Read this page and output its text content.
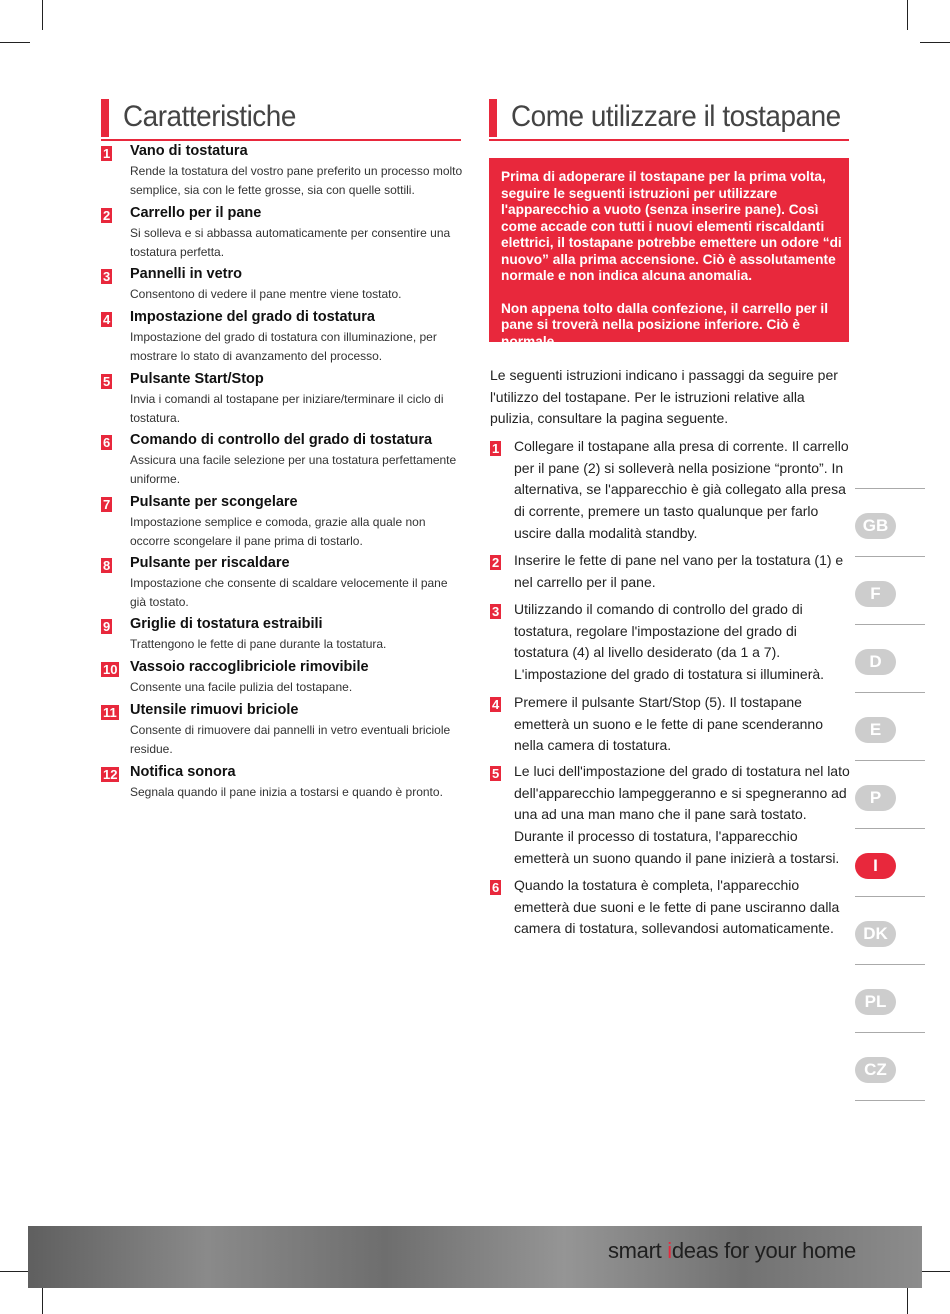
Caratteristiche
1 Vano di tostatura
Rende la tostatura del vostro pane preferito un processo molto semplice, sia con le fette grosse, sia con quelle sottili.
2 Carrello per il pane
Si solleva e si abbassa automaticamente per consentire una tostatura perfetta.
3 Pannelli in vetro
Consentono di vedere il pane mentre viene tostato.
4 Impostazione del grado di tostatura
Impostazione del grado di tostatura con illuminazione, per mostrare lo stato di avanzamento del processo.
5 Pulsante Start/Stop
Invia i comandi al tostapane per iniziare/terminare il ciclo di tostatura.
6 Comando di controllo del grado di tostatura
Assicura una facile selezione per una tostatura perfettamente uniforme.
7 Pulsante per scongelare
Impostazione semplice e comoda, grazie alla quale non occorre scongelare il pane prima di tostarlo.
8 Pulsante per riscaldare
Impostazione che consente di scaldare velocemente il pane già tostato.
9 Griglie di tostatura estraibili
Trattengono le fette di pane durante la tostatura.
10 Vassoio raccoglibriciole rimovibile
Consente una facile pulizia del tostapane.
11 Utensile rimuovi briciole
Consente di rimuovere dai pannelli in vetro eventuali briciole residue.
12 Notifica sonora
Segnala quando il pane inizia a tostarsi e quando è pronto.
Come utilizzare il tostapane

Prima di adoperare il tostapane per la prima volta, seguire le seguenti istruzioni per utilizzare l'apparecchio a vuoto (senza inserire pane). Così come accade con tutti i nuovi elementi riscaldanti elettrici, il tostapane potrebbe emettere un odore “di nuovo” alla prima accensione. Ciò è assolutamente normale e non indica alcuna anomalia.

Non appena tolto dalla confezione, il carrello per il pane si troverà nella posizione inferiore. Ciò è normale.

Le seguenti istruzioni indicano i passaggi da seguire per l'utilizzo del tostapane. Per le istruzioni relative alla pulizia, consultare la pagina seguente.
1 Collegare il tostapane alla presa di corrente. Il carrello per il pane (2) si solleverà nella posizione “pronto”. In alternativa, se l'apparecchio è già collegato alla presa di corrente, premere un tasto qualunque per farlo uscire dalla modalità standby.
2 Inserire le fette di pane nel vano per la tostatura (1) e nel carrello per il pane.
3 Utilizzando il comando di controllo del grado di tostatura, regolare l'impostazione del grado di tostatura (4) al livello desiderato (da 1 a 7). L'impostazione del grado di tostatura si illuminerà.
4 Premere il pulsante Start/Stop (5). Il tostapane emetterà un suono e le fette di pane scenderanno nella camera di tostatura.
5 Le luci dell'impostazione del grado di tostatura nel lato dell'apparecchio lampeggeranno e si spegneranno ad una ad una man mano che il pane sarà tostato. Durante il processo di tostatura, l'apparecchio emetterà un suono quando il pane inizierà a tostarsi.
6 Quando la tostatura è completa, l'apparecchio emetterà due suoni e le fette di pane usciranno dalla camera di tostatura, sollevandosi automaticamente.
GB
F
D
E
P
I
DK
PL
CZ
smart ideas for your home
